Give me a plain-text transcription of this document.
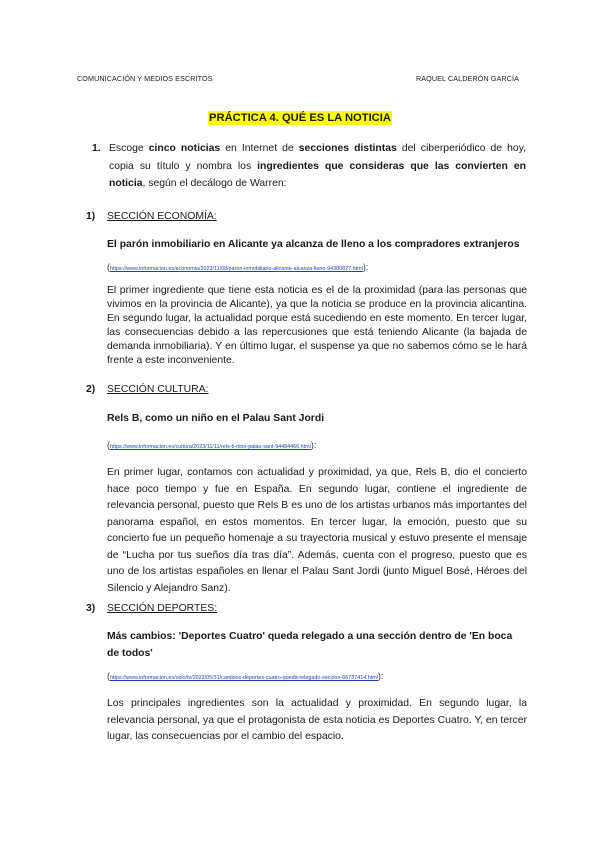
COMUNICACIÓN Y MEDIOS ESCRITOS	RAQUEL CALDERÓN GARCÍA
PRÁCTICA 4. QUÉ ES LA NOTICIA
1. Escoge cinco noticias en Internet de secciones distintas del ciberperiódico de hoy, copia su título y nombra los ingredientes que consideras que las convierten en noticia, según el decálogo de Warren:
1) SECCIÓN ECONOMÍA:
El parón inmobiliario en Alicante ya alcanza de lleno a los compradores extranjeros
(https://www.informacion.es/economia/2023/11/08/paron-inmobiliario-alicante-alcanza-lleno-94380827.html):
El primer ingrediente que tiene esta noticia es el de la proximidad (para las personas que vivimos en la provincia de Alicante), ya que la noticia se produce en la provincia alicantina. En segundo lugar, la actualidad porque está sucediendo en este momento. En tercer lugar, las consecuencias debido a las repercusiones que está teniendo Alicante (la bajada de demanda inmobiliaria). Y en último lugar, el suspense ya que no sabemos cómo se le hará frente a este inconveniente.
2) SECCIÓN CULTURA:
Rels B, como un niño en el Palau Sant Jordi
(https://www.informacion.es/cultura/2023/11/11/rels-b-nino-palau-sant-94484466.html):
En primer lugar, contamos con actualidad y proximidad, ya que, Rels B, dio el concierto hace poco tiempo y fue en España. En segundo lugar, contiene el ingrediente de relevancia personal, puesto que Rels B es uno de los artistas urbanos más importantes del panorama español, en estos momentos. En tercer lugar, la emoción, puesto que su concierto fue un pequeño homenaje a su trayectoria musical y estuvo presente el mensaje de “Lucha por tus sueños día tras día”. Además, cuenta con el progreso, puesto que es uno de los artistas españoles en llenar el Palau Sant Jordi (junto Miguel Bosé, Héroes del Silencio y Alejandro Sanz).
3) SECCIÓN DEPORTES:
Más cambios: 'Deportes Cuatro' queda relegado a una sección dentro de 'En boca de todos'
(https://www.informacion.es/ocio/tv/2022/05/31/cambios-deportes-cuatro-queda-relegado-seccion-66737414.html):
Los principales ingredientes son la actualidad y proximidad. En segundo lugar, la relevancia personal, ya que el protagonista de esta noticia es Deportes Cuatro. Y, en tercer lugar, las consecuencias por el cambio del espacio.
